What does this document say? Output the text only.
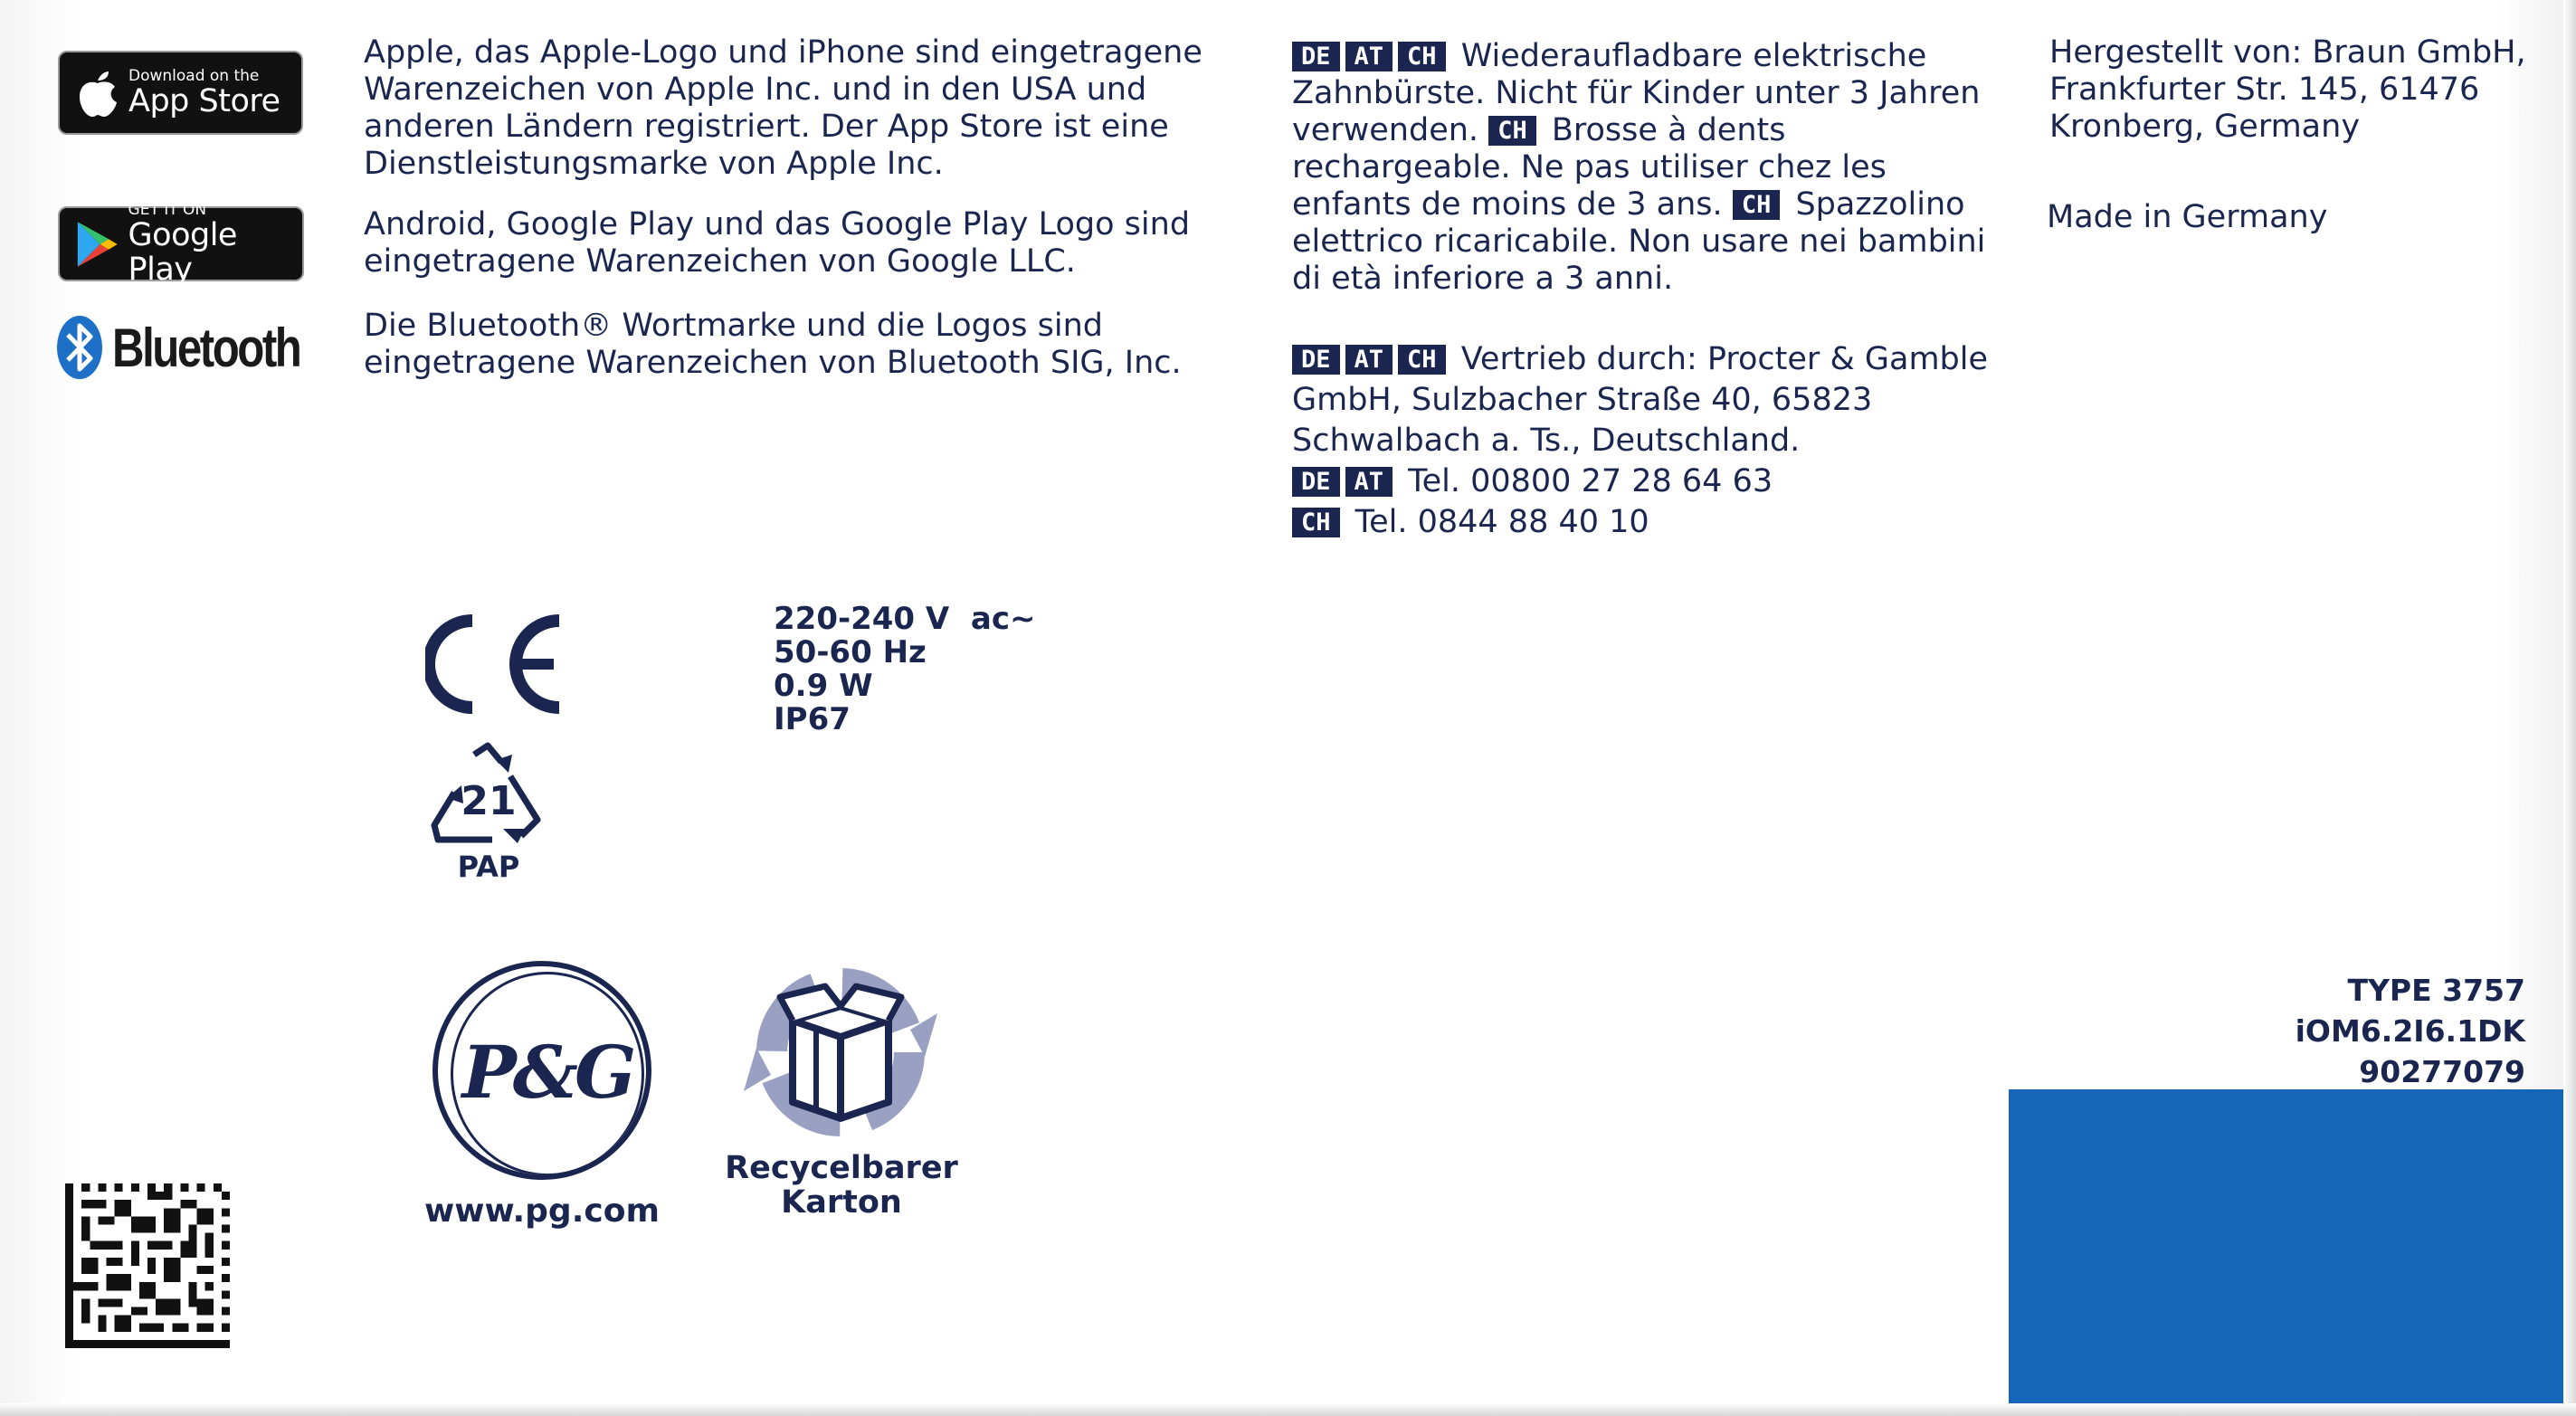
Download on the
App Store
GET IT ON
Google Play
Bluetooth

Apple, das Apple-Logo und iPhone sind eingetragene Warenzeichen von Apple Inc. und in den USA und anderen Ländern registriert. Der App Store ist eine Dienstleistungsmarke von Apple Inc.

Android, Google Play und das Google Play Logo sind eingetragene Warenzeichen von Google LLC.

Die Bluetooth® Wortmarke und die Logos sind eingetragene Warenzeichen von Bluetooth SIG, Inc.

DE AT CH Wiederaufladbare elektrische Zahnbürste. Nicht für Kinder unter 3 Jahren verwenden. CH Brosse à dents rechargeable. Ne pas utiliser chez les enfants de moins de 3 ans. CH Spazzolino elettrico ricaricabile. Non usare nei bambini di età inferiore a 3 anni.

DE AT CH Vertrieb durch: Procter & Gamble GmbH, Sulzbacher Straße 40, 65823 Schwalbach a. Ts., Deutschland.

DE AT Tel. 00800 27 28 64 63

CH Tel. 0844 88 40 10

Hergestellt von: Braun GmbH, Frankfurter Str. 145, 61476 Kronberg, Germany

Made in Germany

220-240 V  ac~
50-60 Hz
0.9 W
IP67
21
PAP
P&G
www.pg.com
Recycelbarer
Karton
TYPE 3757
iOM6.2I6.1DK
90277079
